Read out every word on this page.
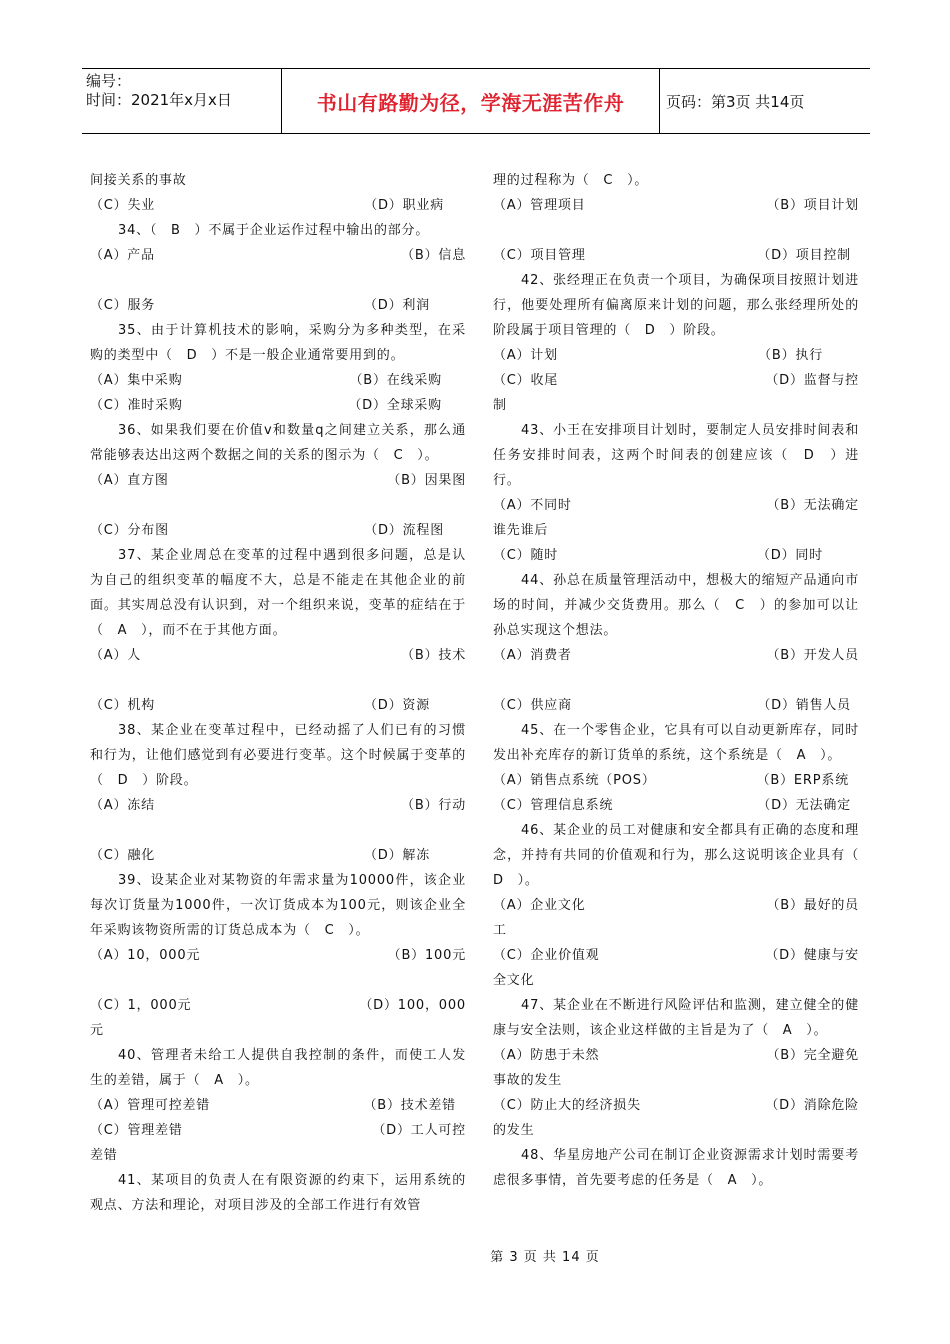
编号：
时间：2021年x月x日	书山有路勤为径，学海无涯苦作舟	页码：第3页 共14页

间接关系的事故

（C）失业	（D）职业病

34、（　B　）不属于企业运作过程中输出的部分。

（A）产品	（B）信息
（C）服务	（D）利润

35、由于计算机技术的影响，采购分为多种类型，在采购的类型中（　D　）不是一般企业通常要用到的。

（A）集中采购	（B）在线采购
（C）准时采购	（D）全球采购

36、如果我们要在价值v和数量q之间建立关系，那么通常能够表达出这两个数据之间的关系的图示为（　C　）。

（A）直方图	（B）因果图
（C）分布图	（D）流程图

37、某企业周总在变革的过程中遇到很多问题，总是认为自己的组织变革的幅度不大，总是不能走在其他企业的前面。其实周总没有认识到，对一个组织来说，变革的症结在于（　A　），而不在于其他方面。

（A）人	（B）技术
（C）机构	（D）资源

38、某企业在变革过程中，已经动摇了人们已有的习惯和行为，让他们感觉到有必要进行变革。这个时候属于变革的（　D　）阶段。

（A）冻结	（B）行动
（C）融化	（D）解冻

39、设某企业对某物资的年需求量为10000件，该企业每次订货量为1000件，一次订货成本为100元，则该企业全年采购该物资所需的订货总成本为（　C　）。

（A）10，000元	（B）100元
（C）1，000元	（D）100，000

元

40、管理者未给工人提供自我控制的条件，而使工人发生的差错，属于（　A　）。

（A）管理可控差错	（B）技术差错
（C）管理差错	（D）工人可控

差错

41、某项目的负责人在有限资源的约束下，运用系统的观点、方法和理论，对项目涉及的全部工作进行有效管

理的过程称为（　C　）。

（A）管理项目	（B）项目计划
（C）项目管理	（D）项目控制

42、张经理正在负责一个项目，为确保项目按照计划进行，他要处理所有偏离原来计划的问题，那么张经理所处的阶段属于项目管理的（　D　）阶段。

（A）计划	（B）执行
（C）收尾	（D）监督与控

制

43、小王在安排项目计划时，要制定人员安排时间表和任务安排时间表，这两个时间表的创建应该（　D　）进行。

（A）不同时	（B）无法确定

谁先谁后

（C）随时	（D）同时

44、孙总在质量管理活动中，想极大的缩短产品通向市场的时间，并减少交货费用。那么（　C　）的参加可以让孙总实现这个想法。

（A）消费者	（B）开发人员
（C）供应商	（D）销售人员

45、在一个零售企业，它具有可以自动更新库存，同时发出补充库存的新订货单的系统，这个系统是（　A　）。

（A）销售点系统（POS）	（B）ERP系统
（C）管理信息系统	（D）无法确定

46、某企业的员工对健康和安全都具有正确的态度和理念，并持有共同的价值观和行为，那么这说明该企业具有（　D　）。

（A）企业文化	（B）最好的员

工

（C）企业价值观	（D）健康与安

全文化

47、某企业在不断进行风险评估和监测，建立健全的健康与安全法则，该企业这样做的主旨是为了（　A　）。

（A）防患于未然	（B）完全避免

事故的发生

（C）防止大的经济损失	（D）消除危险

的发生

48、华星房地产公司在制订企业资源需求计划时需要考虑很多事情，首先要考虑的任务是（　A　）。

第 3 页 共 14 页
